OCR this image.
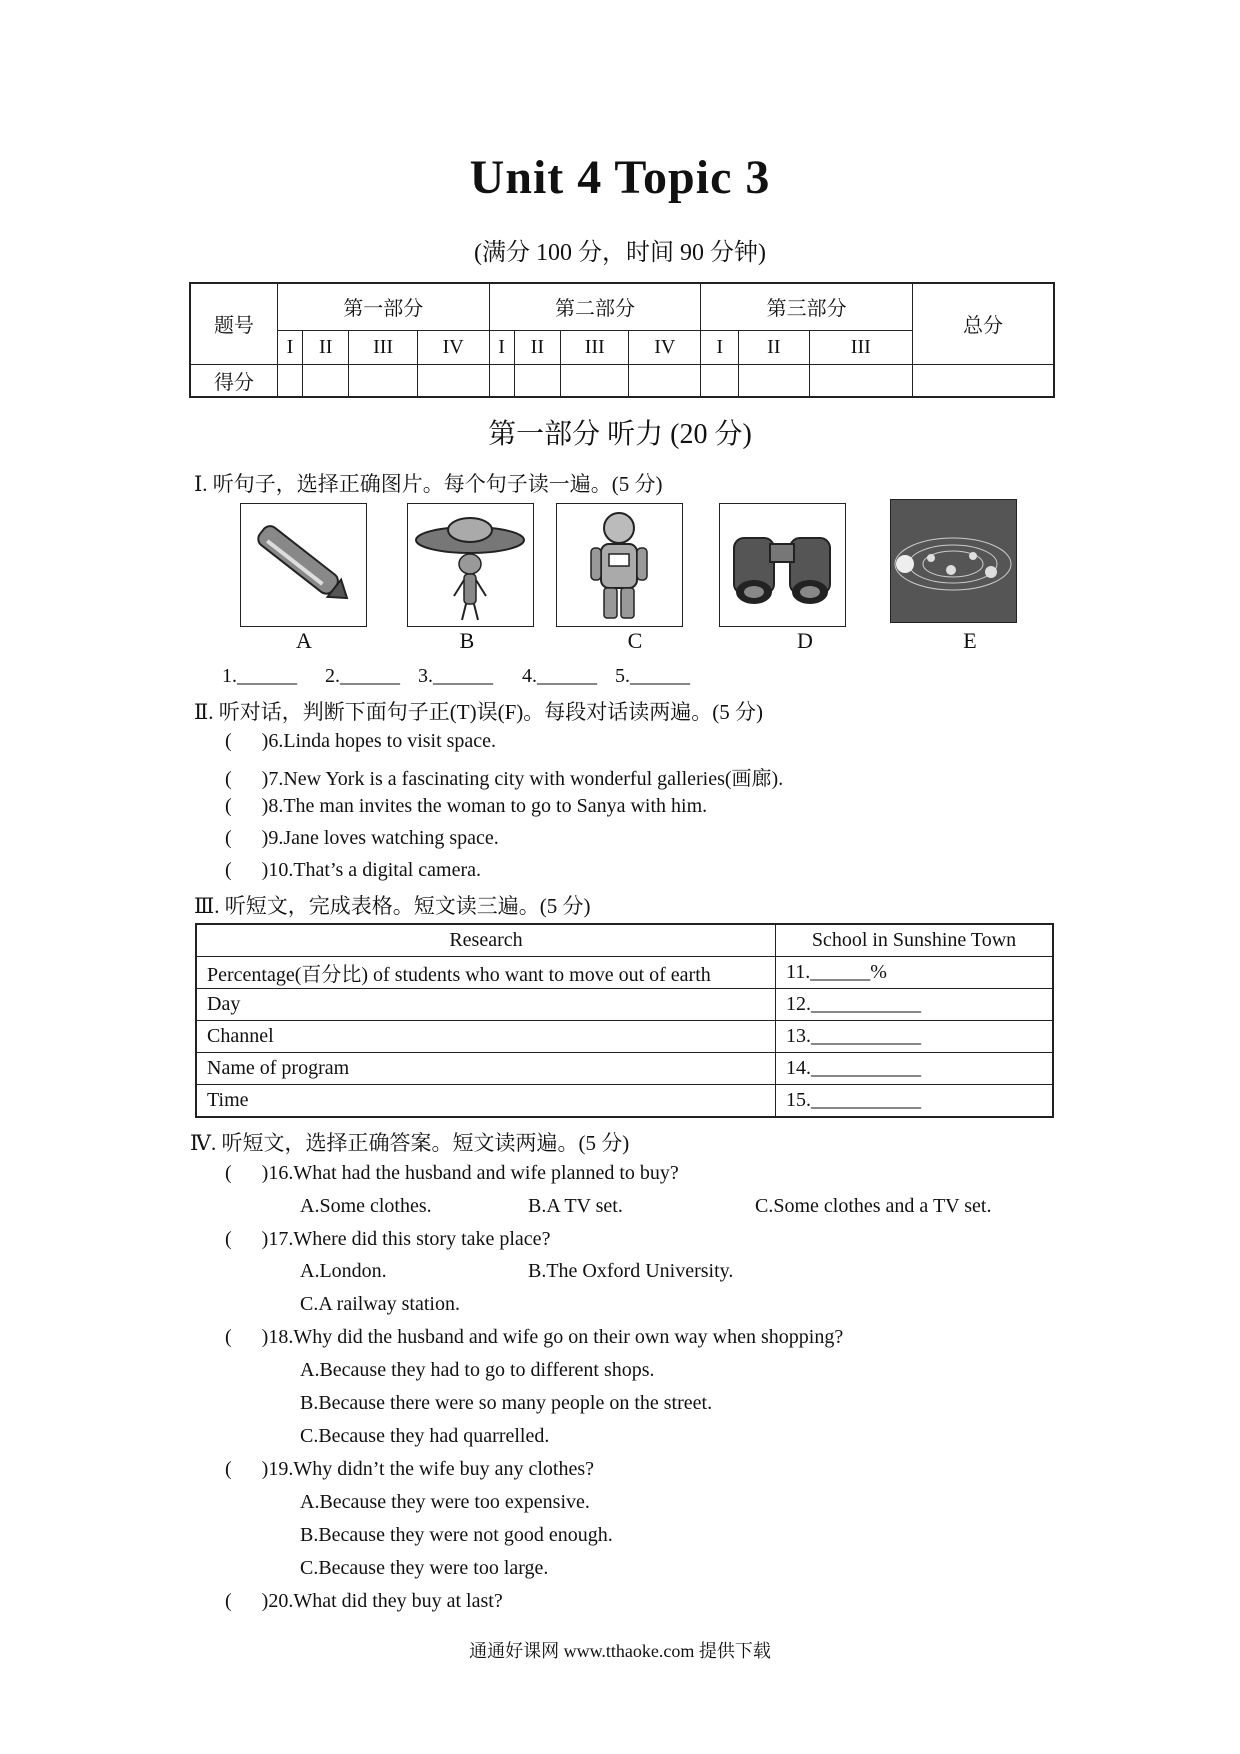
Unit 4 Topic 3
(满分 100 分，时间 90 分钟)
题号	第一部分				第二部分				第三部分			总分
	I	II	III	IV	I	II	III	IV	I	II	III	
得分												
第一部分 听力 (20 分)
Ⅰ. 听句子，选择正确图片。每个句子读一遍。(5 分)
A	B	C	D	E
1.______ 2.______ 3.______ 4.______ 5.______
Ⅱ. 听对话，判断下面句子正(T)误(F)。每段对话读两遍。(5 分)
(      )6.Linda hopes to visit space.
(      )7.New York is a fascinating city with wonderful galleries(画廊).
(      )8.The man invites the woman to go to Sanya with him.
(      )9.Jane loves watching space.
(      )10.That’s a digital camera.
Ⅲ. 听短文，完成表格。短文读三遍。(5 分)
Research	School in Sunshine Town
Percentage(百分比) of students who want to move out of earth	11.______%
Day	12.___________
Channel	13.___________
Name of program	14.___________
Time	15.___________
Ⅳ. 听短文，选择正确答案。短文读两遍。(5 分)
(      )16.What had the husband and wife planned to buy?
A.Some clothes.	B.A TV set.	C.Some clothes and a TV set.
(      )17.Where did this story take place?
A.London.	B.The Oxford University.
C.A railway station.
(      )18.Why did the husband and wife go on their own way when shopping?
A.Because they had to go to different shops.
B.Because there were so many people on the street.
C.Because they had quarrelled.
(      )19.Why didn’t the wife buy any clothes?
A.Because they were too expensive.
B.Because they were not good enough.
C.Because they were too large.
(      )20.What did they buy at last?
通通好课网 www.tthaoke.com 提供下载
